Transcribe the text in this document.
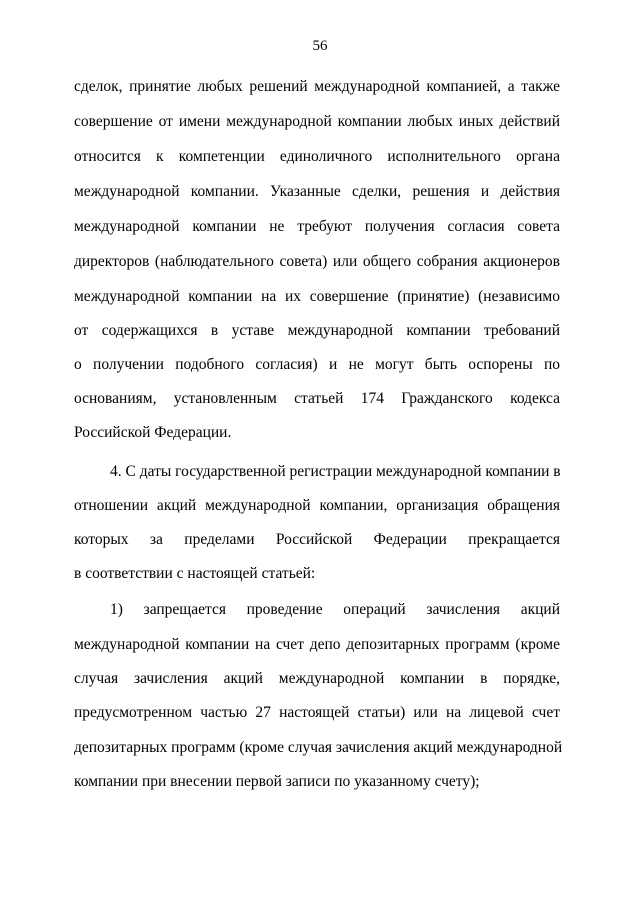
56
сделок, принятие любых решений международной компанией, а также
совершение от имени международной компании любых иных действий
относится к компетенции единоличного исполнительного органа
международной компании. Указанные сделки, решения и действия
международной компании не требуют получения согласия совета
директоров (наблюдательного совета) или общего собрания акционеров
международной компании на их совершение (принятие) (независимо
от содержащихся в уставе международной компании требований
о получении подобного согласия) и не могут быть оспорены по
основаниям, установленным статьей 174 Гражданского кодекса
Российской Федерации.
4. С даты государственной регистрации международной компании в
отношении акций международной компании, организация обращения
которых за пределами Российской Федерации прекращается
в соответствии с настоящей статьей:
1) запрещается проведение операций зачисления акций
международной компании на счет депо депозитарных программ (кроме
случая зачисления акций международной компании в порядке,
предусмотренном частью 27 настоящей статьи) или на лицевой счет
депозитарных программ (кроме случая зачисления акций международной
компании при внесении первой записи по указанному счету);
